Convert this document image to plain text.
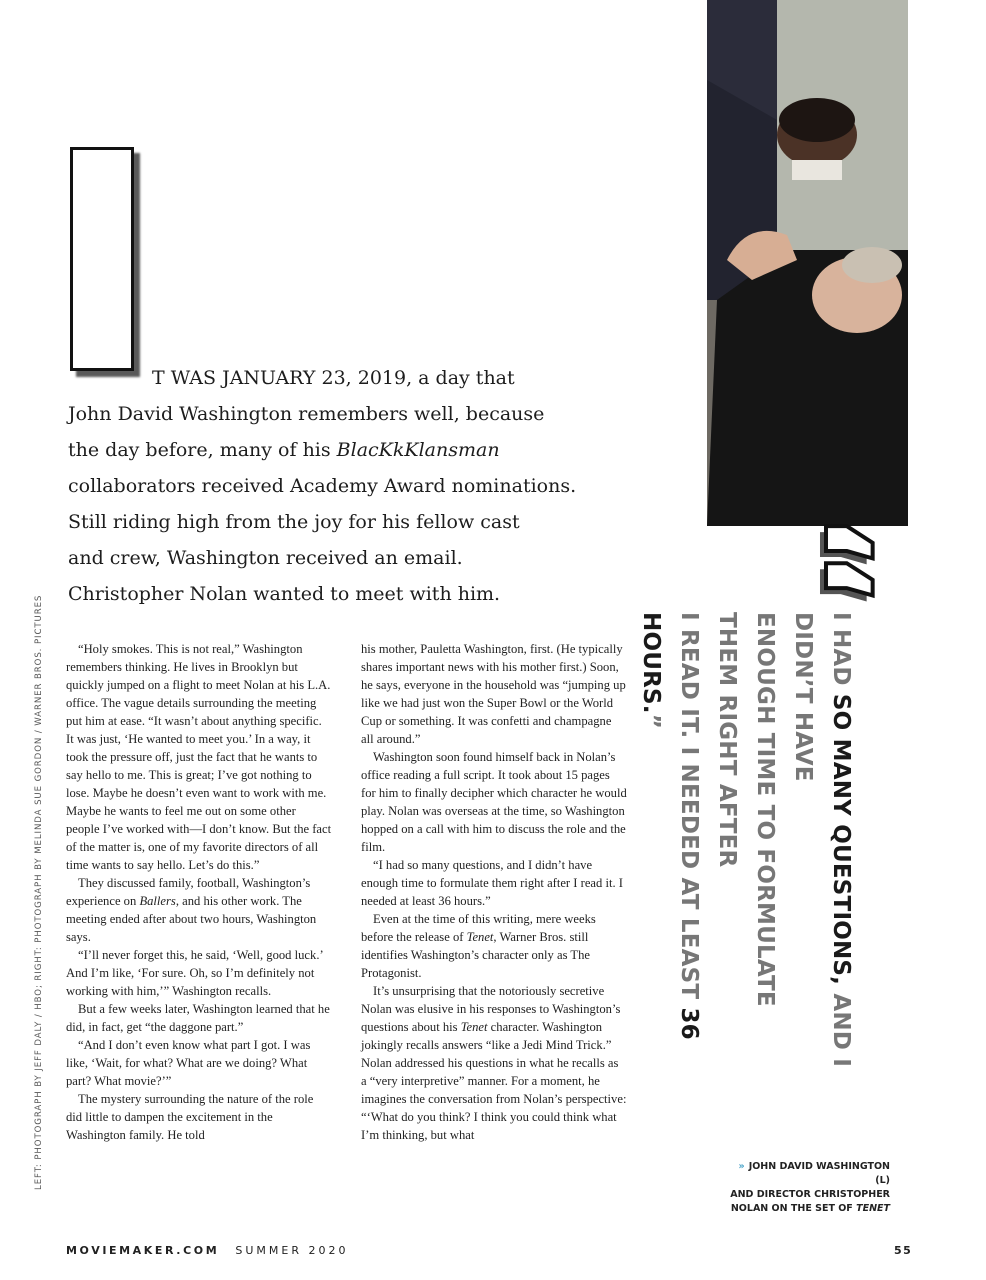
LEFT: PHOTOGRAPH BY JEFF DALY / HBO; RIGHT: PHOTOGRAPH BY MELINDA SUE GORDON / WARNER BROS. PICTURES

T WAS JANUARY 23, 2019, a day that

John David Washington remembers well, because

the day before, many of his BlacKkKlansman

collaborators received Academy Award nominations.

Still riding high from the joy for his fellow cast

and crew, Washington received an email.

Christopher Nolan wanted to meet with him.

“Holy smokes. This is not real,” Washington remembers thinking. He lives in Brooklyn but quickly jumped on a flight to meet Nolan at his L.A. office. The vague details surrounding the meeting put him at ease. “It wasn’t about anything specific. It was just, ‘He wanted to meet you.’ In a way, it took the pressure off, just the fact that he wants to say hello to me. This is great; I’ve got nothing to lose. Maybe he doesn’t even want to work with me. Maybe he wants to feel me out on some other people I’ve worked with—I don’t know. But the fact of the matter is, one of my favorite directors of all time wants to say hello. Let’s do this.”

They discussed family, football, Washington’s experience on Ballers, and his other work. The meeting ended after about two hours, Washington says.

“I’ll never forget this, he said, ‘Well, good luck.’ And I’m like, ‘For sure. Oh, so I’m definitely not working with him,’” Washington recalls.

But a few weeks later, Washington learned that he did, in fact, get “the daggone part.”

“And I don’t even know what part I got. I was like, ‘Wait, for what? What are we doing? What part? What movie?’”

The mystery surrounding the nature of the role did little to dampen the excitement in the Washington family. He told

his mother, Pauletta Washington, first. (He typically shares important news with his mother first.) Soon, he says, everyone in the household was “jumping up like we had just won the Super Bowl or the World Cup or something. It was confetti and champagne all around.”

Washington soon found himself back in Nolan’s office reading a full script. It took about 15 pages for him to finally decipher which character he would play. Nolan was overseas at the time, so Washington hopped on a call with him to discuss the role and the film.

“I had so many questions, and I didn’t have enough time to formulate them right after I read it. I needed at least 36 hours.”

Even at the time of this writing, mere weeks before the release of Tenet, Warner Bros. still identifies Washington’s character only as The Protagonist.

It’s unsurprising that the notoriously secretive Nolan was elusive in his responses to Washington’s questions about his Tenet character. Washington jokingly recalls answers “like a Jedi Mind Trick.” Nolan addressed his questions in what he recalls as a “very interpretive” manner. For a moment, he imagines the conversation from Nolan’s perspective: “‘What do you think? I think you could think what I’m thinking, but what

“

I HAD SO MANY QUESTIONS, AND I DIDN’T HAVE

ENOUGH TIME TO FORMULATE THEM RIGHT AFTER

I READ IT. I NEEDED AT LEAST 36 HOURS.”

» JOHN DAVID WASHINGTON (L)

AND DIRECTOR CHRISTOPHER

NOLAN ON THE SET OF TENET

MOVIEMAKER.COM SUMMER 2020	55
